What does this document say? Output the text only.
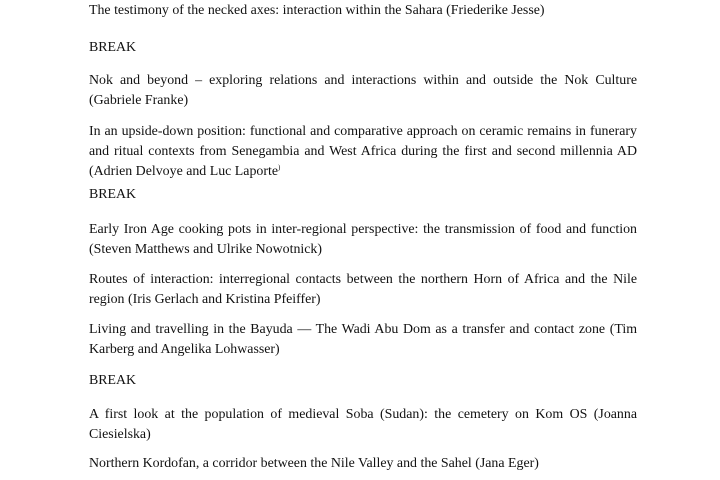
The testimony of the necked axes: interaction within the Sahara (Friederike Jesse)

BREAK

Nok and beyond – exploring relations and interactions within and outside the Nok Culture (Gabriele Franke)

In an upside-down position: functional and comparative approach on ceramic remains in funerary and ritual contexts from Senegambia and West Africa during the first and second millennia AD (Adrien Delvoye and Luc Laporte)

BREAK

Early Iron Age cooking pots in inter-regional perspective: the transmission of food and function (Steven Matthews and Ulrike Nowotnick)

Routes of interaction: interregional contacts between the northern Horn of Africa and the Nile region (Iris Gerlach and Kristina Pfeiffer)

Living and travelling in the Bayuda — The Wadi Abu Dom as a transfer and contact zone (Tim Karberg and Angelika Lohwasser)

BREAK

A first look at the population of medieval Soba (Sudan): the cemetery on Kom OS (Joanna Ciesielska)

Northern Kordofan, a corridor between the Nile Valley and the Sahel (Jana Eger)
